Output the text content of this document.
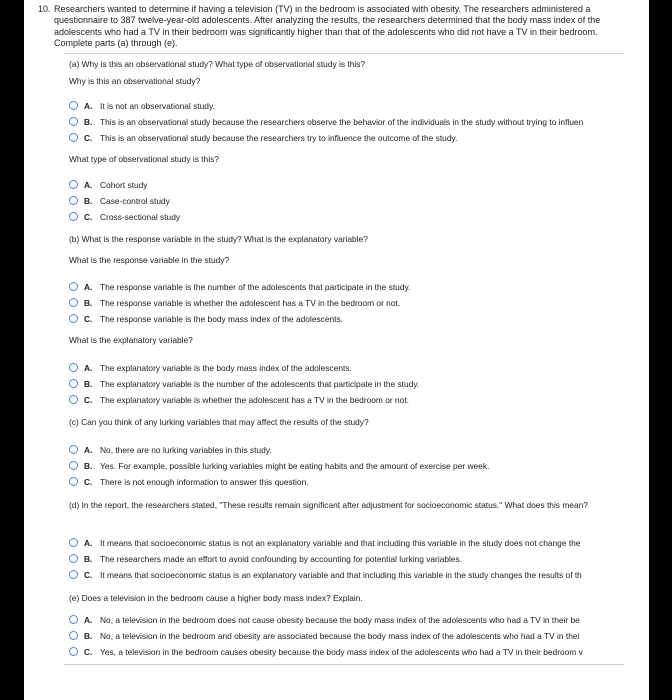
10. Researchers wanted to determine if having a television (TV) in the bedroom is associated with obesity. The researchers administered a questionnaire to 387 twelve-year-old adolescents. After analyzing the results, the researchers determined that the body mass index of the adolescents who had a TV in their bedroom was significantly higher than that of the adolescents who did not have a TV in their bedroom. Complete parts (a) through (e).
(a) Why is this an observational study? What type of observational study is this?
Why is this an observational study?
A. It is not an observational study.
B. This is an observational study because the researchers observe the behavior of the individuals in the study without trying to influen
C. This is an observational study because the researchers try to influence the outcome of the study.
What type of observational study is this?
A. Cohort study
B. Case-control study
C. Cross-sectional study
(b) What is the response variable in the study? What is the explanatory variable?
What is the response variable in the study?
A. The response variable is the number of the adolescents that participate in the study.
B. The response variable is whether the adolescent has a TV in the bedroom or not.
C. The response variable is the body mass index of the adolescents.
What is the explanatory variable?
A. The explanatory variable is the body mass index of the adolescents.
B. The explanatory variable is the number of the adolescents that participate in the study.
C. The explanatory variable is whether the adolescent has a TV in the bedroom or not.
(c) Can you think of any lurking variables that may affect the results of the study?
A. No, there are no lurking variables in this study.
B. Yes. For example, possible lurking variables might be eating habits and the amount of exercise per week.
C. There is not enough information to answer this question.
(d) In the report, the researchers stated, "These results remain significant after adjustment for socioeconomic status." What does this mean?
A. It means that socioeconomic status is not an explanatory variable and that including this variable in the study does not change the
B. The researchers made an effort to avoid confounding by accounting for potential lurking variables.
C. It means that socioeconomic status is an explanatory variable and that including this variable in the study changes the results of th
(e) Does a television in the bedroom cause a higher body mass index? Explain.
A. No, a television in the bedroom does not cause obesity because the body mass index of the adolescents who had a TV in their be
B. No, a television in the bedroom and obesity are associated because the body mass index of the adolescents who had a TV in thei
C. Yes, a television in the bedroom causes obesity because the body mass index of the adolescents who had a TV in their bedroom v
